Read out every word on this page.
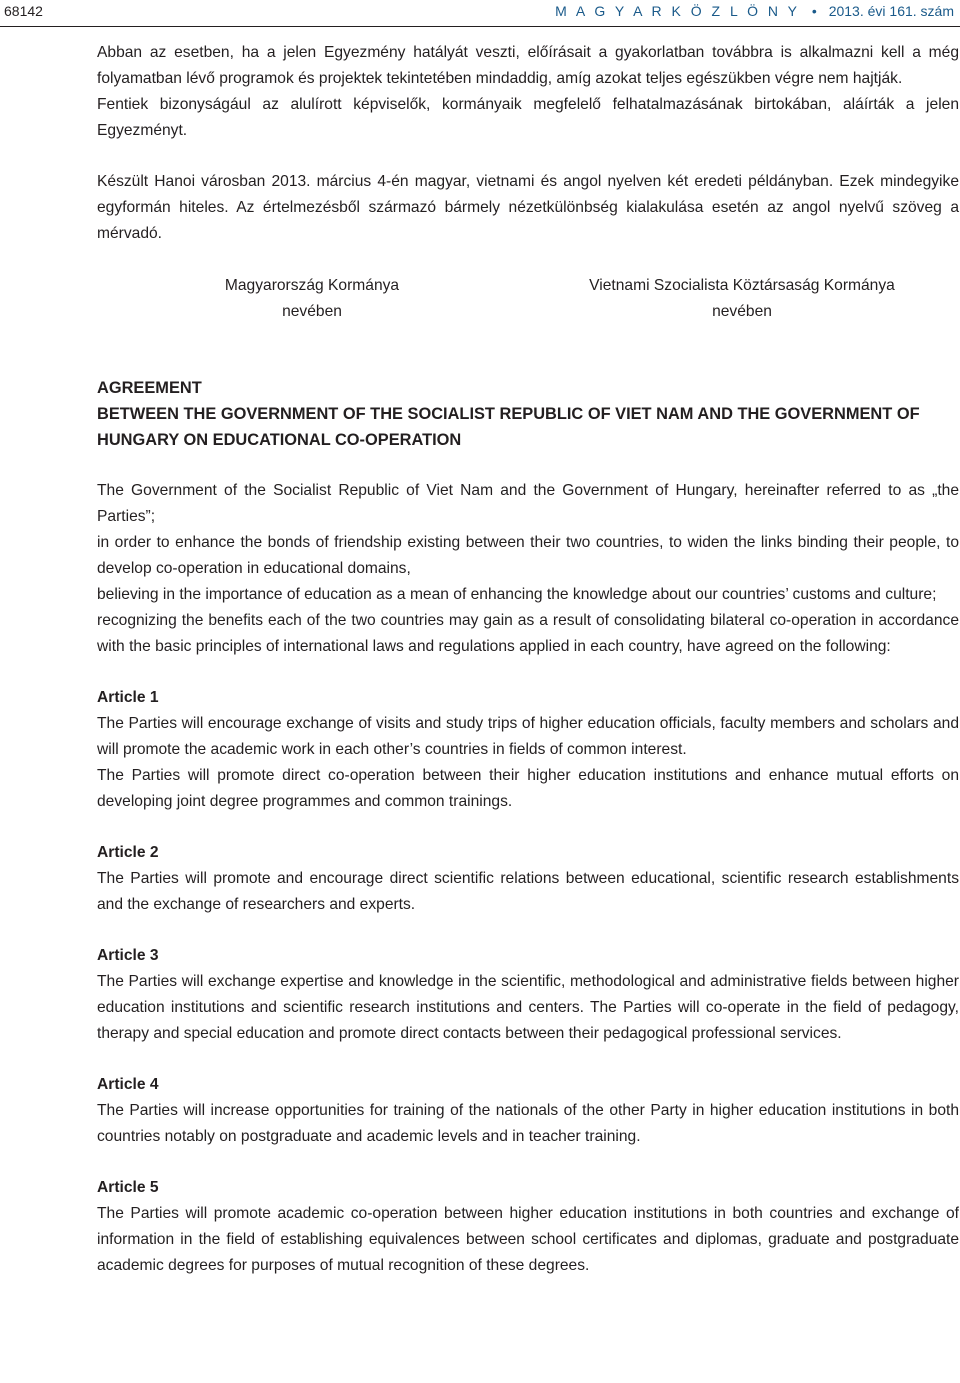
68142	M A G Y A R K Ö Z L Ö N Y • 2013. évi 161. szám

Abban az esetben, ha a jelen Egyezmény hatályát veszti, előírásait a gyakorlatban továbbra is alkalmazni kell a még folyamatban lévő programok és projektek tekintetében mindaddig, amíg azokat teljes egészükben végre nem hajtják.

Fentiek bizonyságául az alulírott képviselők, kormányaik megfelelő felhatalmazásának birtokában, aláírták a jelen Egyezményt.

Készült Hanoi városban 2013. március 4-én magyar, vietnami és angol nyelven két eredeti példányban. Ezek mindegyike egyformán hiteles. Az értelmezésből származó bármely nézetkülönbség kialakulása esetén az angol nyelvű szöveg a mérvadó.

Magyarország Kormánya
nevében
Vietnami Szocialista Köztársaság Kormánya
nevében
AGREEMENT
BETWEEN THE GOVERNMENT OF THE SOCIALIST REPUBLIC OF VIET NAM AND THE GOVERNMENT OF HUNGARY ON EDUCATIONAL CO-OPERATION

The Government of the Socialist Republic of Viet Nam and the Government of Hungary, hereinafter referred to as „the Parties”;

in order to enhance the bonds of friendship existing between their two countries, to widen the links binding their people, to develop co-operation in educational domains,

believing in the importance of education as a mean of enhancing the knowledge about our countries’ customs and culture;

recognizing the benefits each of the two countries may gain as a result of consolidating bilateral co-operation in accordance with the basic principles of international laws and regulations applied in each country, have agreed on the following:

Article 1

The Parties will encourage exchange of visits and study trips of higher education officials, faculty members and scholars and will promote the academic work in each other’s countries in fields of common interest.

The Parties will promote direct co-operation between their higher education institutions and enhance mutual efforts on developing joint degree programmes and common trainings.

Article 2

The Parties will promote and encourage direct scientific relations between educational, scientific research establishments and the exchange of researchers and experts.

Article 3

The Parties will exchange expertise and knowledge in the scientific, methodological and administrative fields between higher education institutions and scientific research institutions and centers. The Parties will co-operate in the field of pedagogy, therapy and special education and promote direct contacts between their pedagogical professional services.

Article 4

The Parties will increase opportunities for training of the nationals of the other Party in higher education institutions in both countries notably on postgraduate and academic levels and in teacher training.

Article 5

The Parties will promote academic co-operation between higher education institutions in both countries and exchange of information in the field of establishing equivalences between school certificates and diplomas, graduate and postgraduate academic degrees for purposes of mutual recognition of these degrees.
